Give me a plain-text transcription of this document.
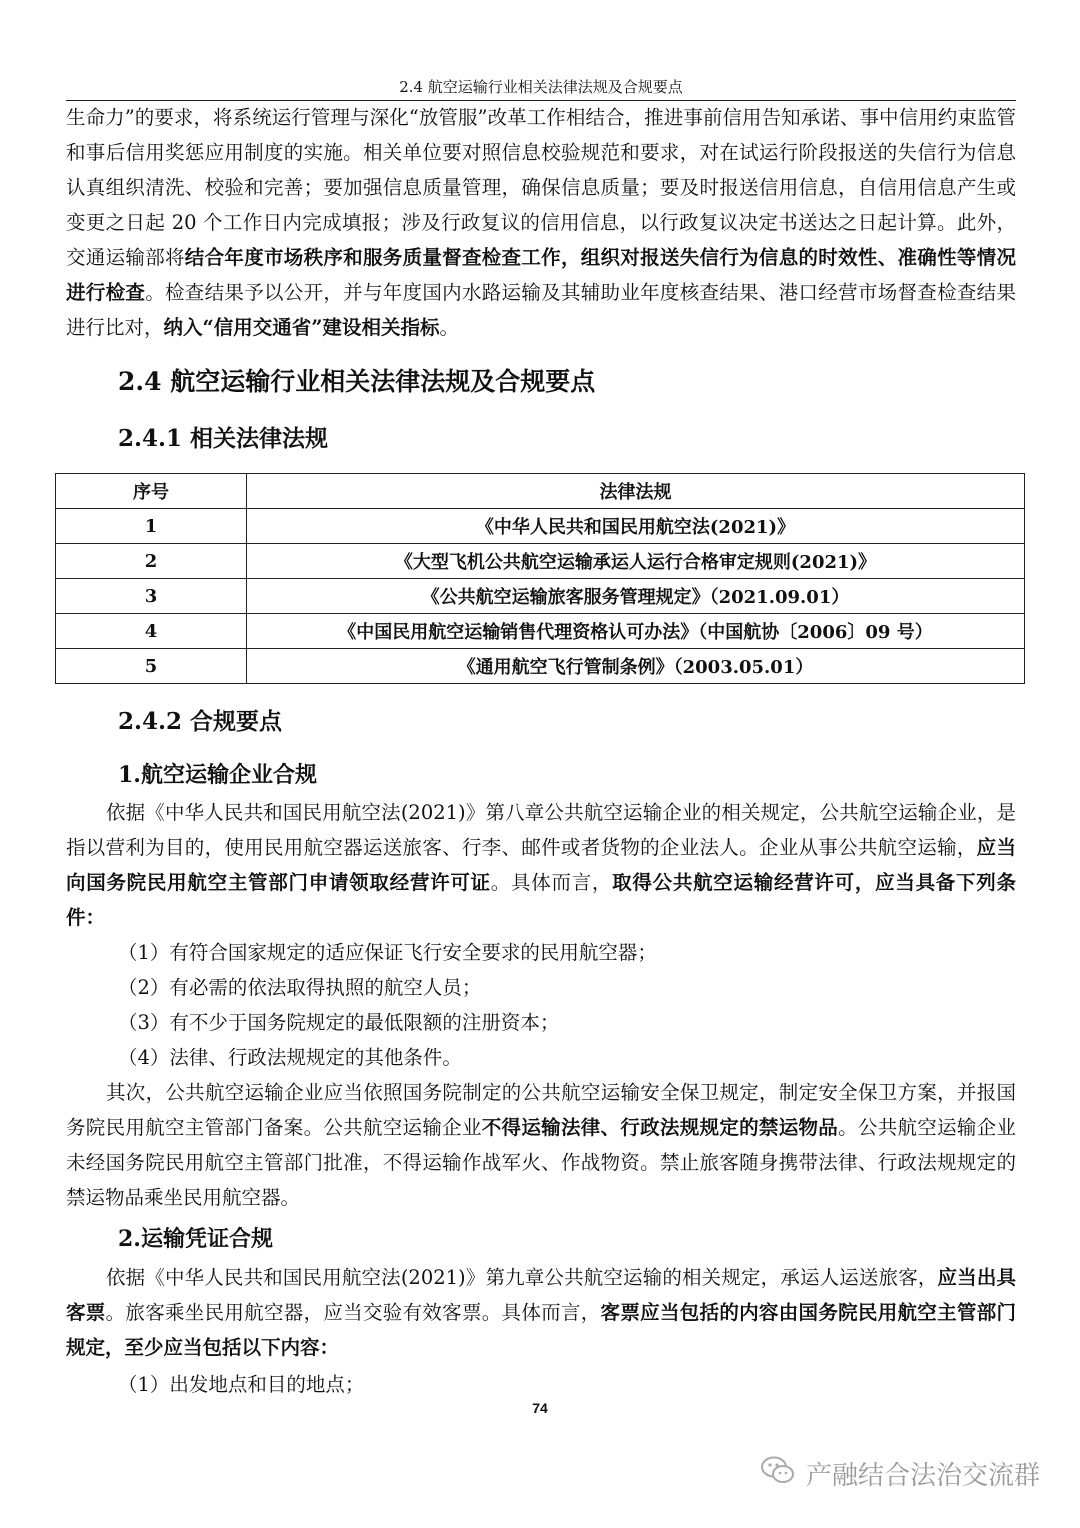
2.4 航空运输行业相关法律法规及合规要点

生命力”的要求，将系统运行管理与深化“放管服”改革工作相结合，推进事前信用告知承诺、事中信用约束监管和事后信用奖惩应用制度的实施。相关单位要对照信息校验规范和要求，对在试运行阶段报送的失信行为信息认真组织清洗、校验和完善；要加强信息质量管理，确保信息质量；要及时报送信用信息，自信用信息产生或变更之日起 20 个工作日内完成填报；涉及行政复议的信用信息，以行政复议决定书送达之日起计算。此外，交通运输部将结合年度市场秩序和服务质量督查检查工作，组织对报送失信行为信息的时效性、准确性等情况进行检查。检查结果予以公开，并与年度国内水路运输及其辅助业年度核查结果、港口经营市场督查检查结果进行比对，纳入“信用交通省”建设相关指标。

2.4 航空运输行业相关法律法规及合规要点
2.4.1 相关法律法规
序号	法律法规
1	《中华人民共和国民用航空法(2021)》
2	《大型飞机公共航空运输承运人运行合格审定规则(2021)》
3	《公共航空运输旅客服务管理规定》（2021.09.01）
4	《中国民用航空运输销售代理资格认可办法》（中国航协〔2006〕09 号）
5	《通用航空飞行管制条例》（2003.05.01）
2.4.2 合规要点
1.航空运输企业合规

依据《中华人民共和国民用航空法(2021)》第八章公共航空运输企业的相关规定，公共航空运输企业，是指以营利为目的，使用民用航空器运送旅客、行李、邮件或者货物的企业法人。企业从事公共航空运输，应当向国务院民用航空主管部门申请领取经营许可证。具体而言，取得公共航空运输经营许可，应当具备下列条件：

（1）有符合国家规定的适应保证飞行安全要求的民用航空器；

（2）有必需的依法取得执照的航空人员；

（3）有不少于国务院规定的最低限额的注册资本；

（4）法律、行政法规规定的其他条件。

其次，公共航空运输企业应当依照国务院制定的公共航空运输安全保卫规定，制定安全保卫方案，并报国务院民用航空主管部门备案。公共航空运输企业不得运输法律、行政法规规定的禁运物品。公共航空运输企业未经国务院民用航空主管部门批准，不得运输作战军火、作战物资。禁止旅客随身携带法律、行政法规规定的禁运物品乘坐民用航空器。

2.运输凭证合规

依据《中华人民共和国民用航空法(2021)》第九章公共航空运输的相关规定，承运人运送旅客，应当出具客票。旅客乘坐民用航空器，应当交验有效客票。具体而言，客票应当包括的内容由国务院民用航空主管部门规定，至少应当包括以下内容：

（1）出发地点和目的地点；

74
产融结合法治交流群
